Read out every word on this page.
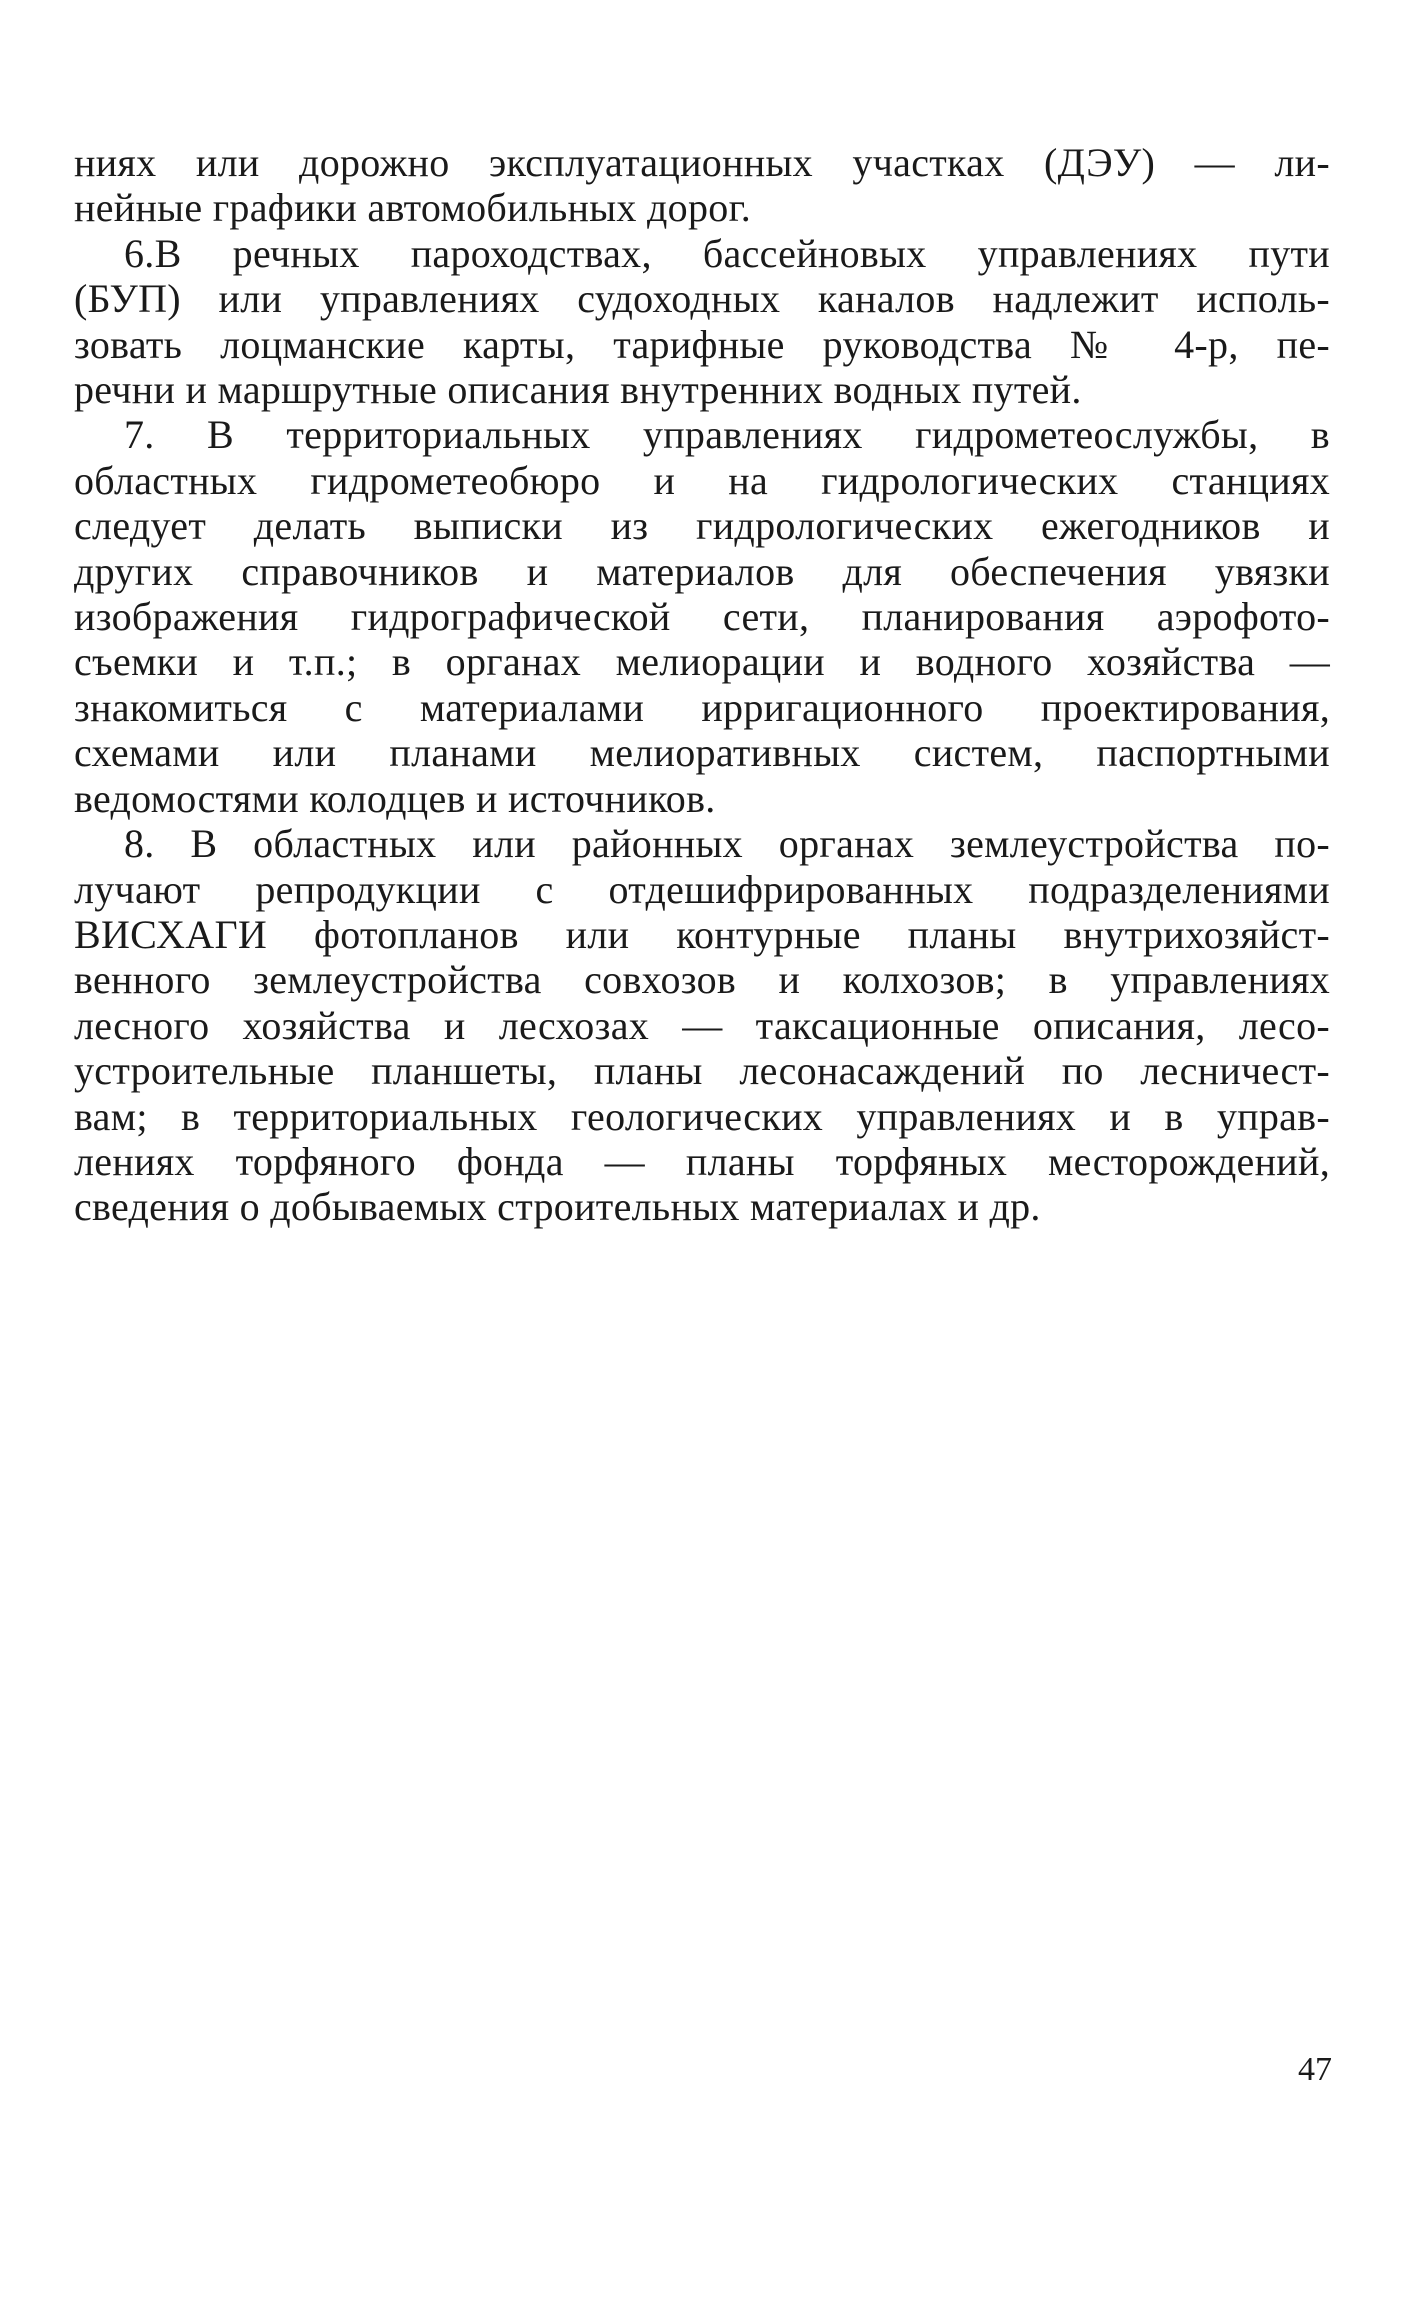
ниях или дорожно эксплуатационных участках (ДЭУ) — ли-
нейные графики автомобильных дорог.
6.В речных пароходствах, бассейновых управлениях пути
(БУП) или управлениях судоходных каналов надлежит исполь-
зовать лоцманские карты, тарифные руководства № 4-р, пе-
речни и маршрутные описания внутренних водных путей.
7. В территориальных управлениях гидрометеослужбы, в
областных гидрометеобюро и на гидрологических станциях
следует делать выписки из гидрологических ежегодников и
других справочников и материалов для обеспечения увязки
изображения гидрографической сети, планирования аэрофото-
съемки и т.п.; в органах мелиорации и водного хозяйства —
знакомиться с материалами ирригационного проектирования,
схемами или планами мелиоративных систем, паспортными
ведомостями колодцев и источников.
8. В областных или районных органах землеустройства по-
лучают репродукции с отдешифрированных подразделениями
ВИСХАГИ фотопланов или контурные планы внутрихозяйст-
венного землеустройства совхозов и колхозов; в управлениях
лесного хозяйства и лесхозах — таксационные описания, лесо-
устроительные планшеты, планы лесонасаждений по лесничест-
вам; в территориальных геологических управлениях и в управ-
лениях торфяного фонда — планы торфяных месторождений,
сведения о добываемых строительных материалах и др.
47
